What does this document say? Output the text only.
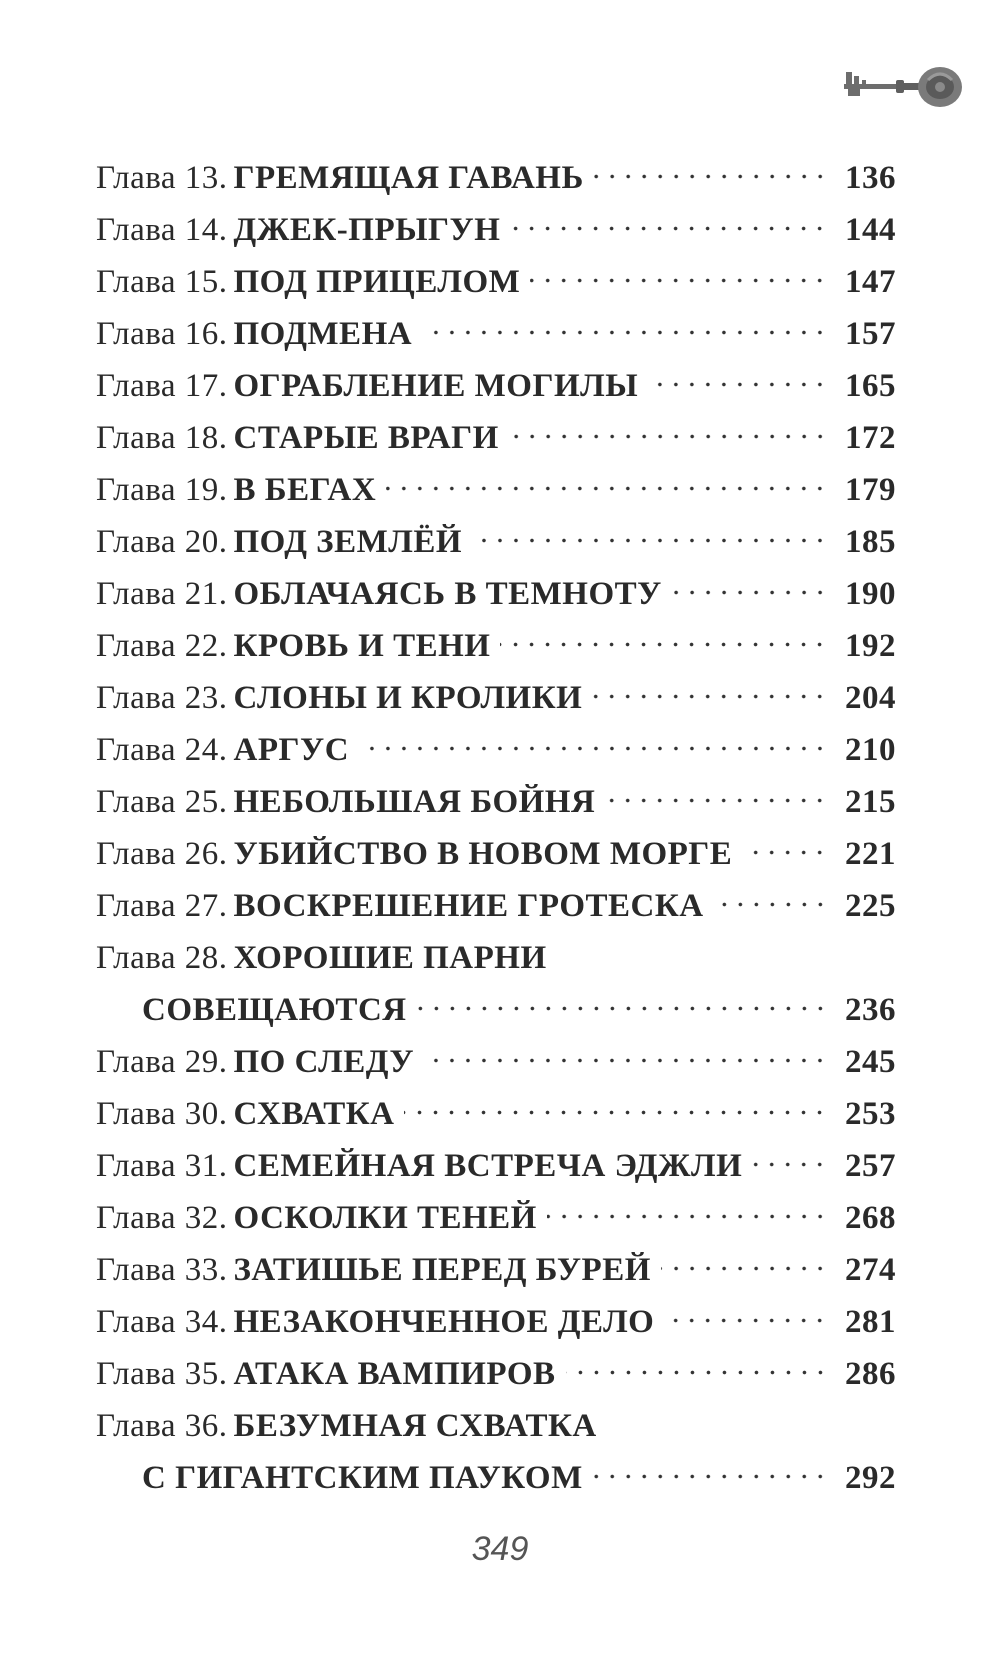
Глава 13. ГРЕМЯЩАЯ ГАВАНЬ	136
Глава 14. ДЖЕК-ПРЫГУН	144
Глава 15. ПОД ПРИЦЕЛОМ	147
Глава 16. ПОДМЕНА	157
Глава 17. ОГРАБЛЕНИЕ МОГИЛЫ	165
Глава 18. СТАРЫЕ ВРАГИ	172
Глава 19. В БЕГАХ	179
Глава 20. ПОД ЗЕМЛЁЙ	185
Глава 21. ОБЛАЧАЯСЬ В ТЕМНОТУ	190
Глава 22. КРОВЬ И ТЕНИ	192
Глава 23. СЛОНЫ И КРОЛИКИ	204
Глава 24. АРГУС	210
Глава 25. НЕБОЛЬШАЯ БОЙНЯ	215
Глава 26. УБИЙСТВО В НОВОМ МОРГЕ	221
Глава 27. ВОСКРЕШЕНИЕ ГРОТЕСКА	225
Глава 28. ХОРОШИЕ ПАРНИ
СОВЕЩАЮТСЯ	236
Глава 29. ПО СЛЕДУ	245
Глава 30. СХВАТКА	253
Глава 31. СЕМЕЙНАЯ ВСТРЕЧА ЭДЖЛИ	257
Глава 32. ОСКОЛКИ ТЕНЕЙ	268
Глава 33. ЗАТИШЬЕ ПЕРЕД БУРЕЙ	274
Глава 34. НЕЗАКОНЧЕННОЕ ДЕЛО	281
Глава 35. АТАКА ВАМПИРОВ	286
Глава 36. БЕЗУМНАЯ СХВАТКА
С ГИГАНТСКИМ ПАУКОМ	292
349
